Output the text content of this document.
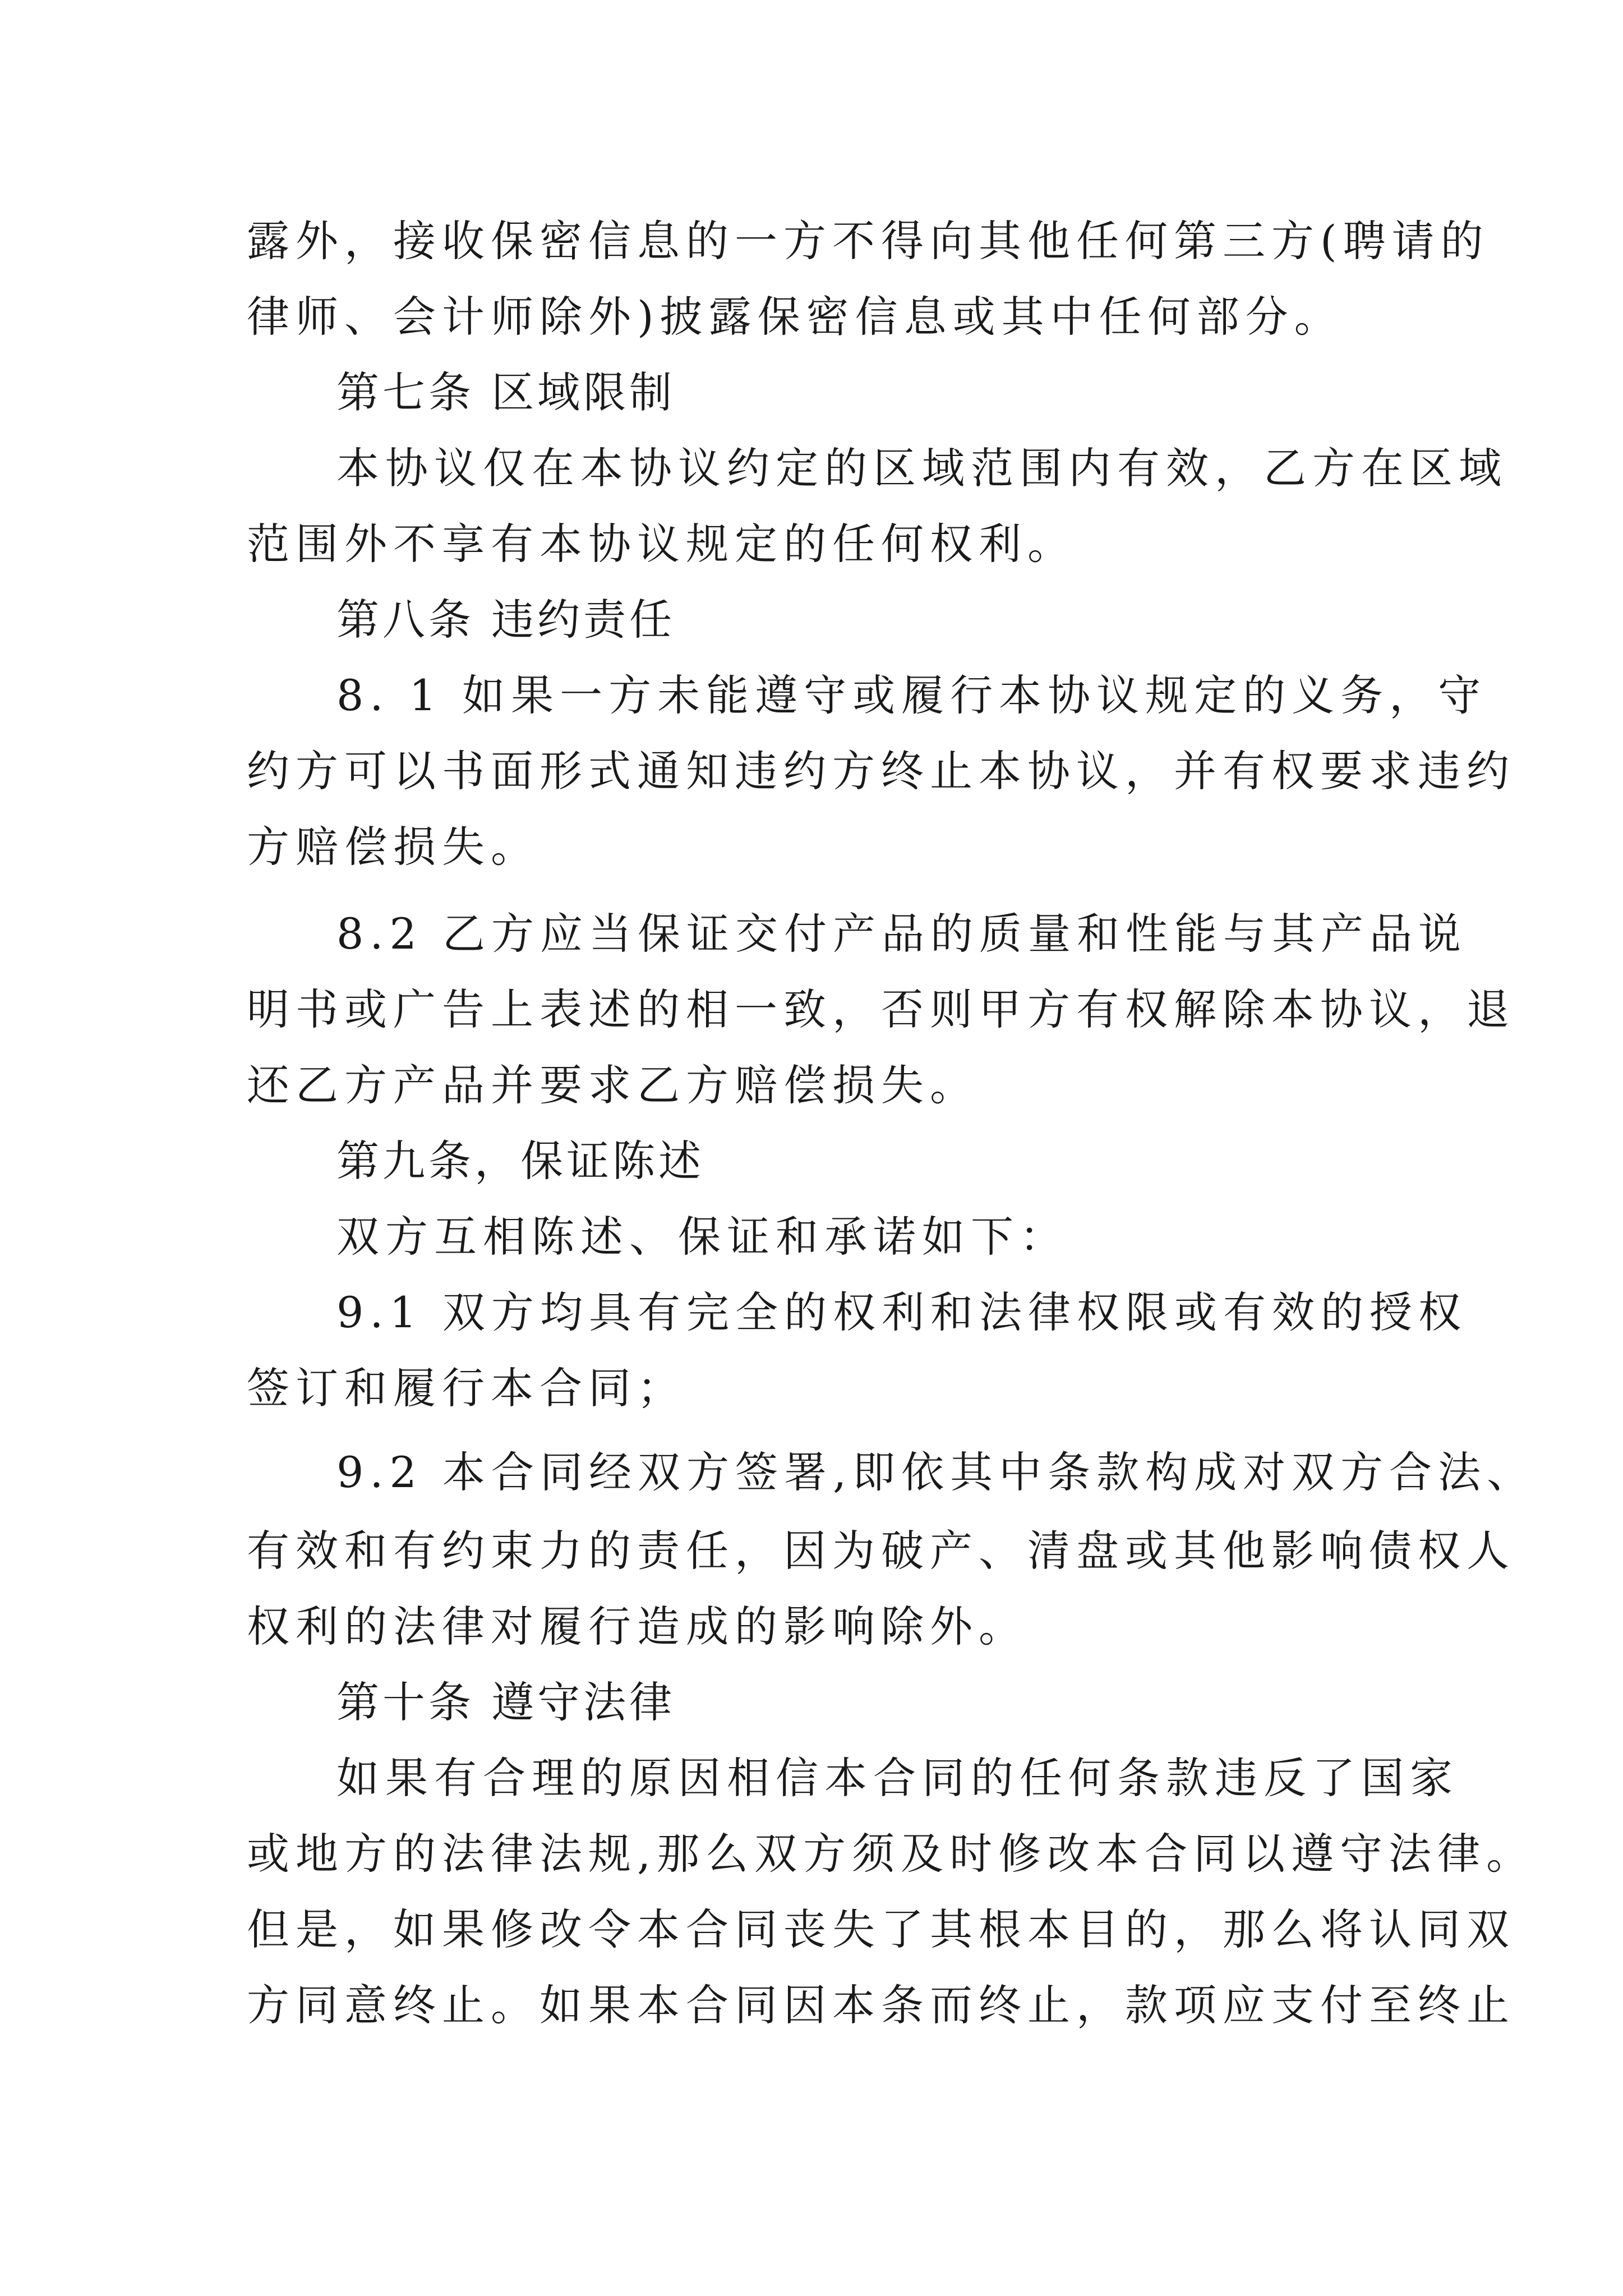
露外，接收保密信息的一方不得向其他任何第三方(聘请的
律师、会计师除外)披露保密信息或其中任何部分。
第七条 区域限制
本协议仅在本协议约定的区域范围内有效，乙方在区域
范围外不享有本协议规定的任何权利。
第八条 违约责任
8. 1 如果一方未能遵守或履行本协议规定的义务，守
约方可以书面形式通知违约方终止本协议，并有权要求违约
方赔偿损失。
8.2 乙方应当保证交付产品的质量和性能与其产品说
明书或广告上表述的相一致，否则甲方有权解除本协议，退
还乙方产品并要求乙方赔偿损失。
第九条，保证陈述
双方互相陈述、保证和承诺如下：
9.1 双方均具有完全的权利和法律权限或有效的授权
签订和履行本合同；
9.2 本合同经双方签署,即依其中条款构成对双方合法、
有效和有约束力的责任，因为破产、清盘或其他影响债权人
权利的法律对履行造成的影响除外。
第十条 遵守法律
如果有合理的原因相信本合同的任何条款违反了国家
或地方的法律法规,那么双方须及时修改本合同以遵守法律。
但是，如果修改令本合同丧失了其根本目的，那么将认同双
方同意终止。如果本合同因本条而终止，款项应支付至终止
